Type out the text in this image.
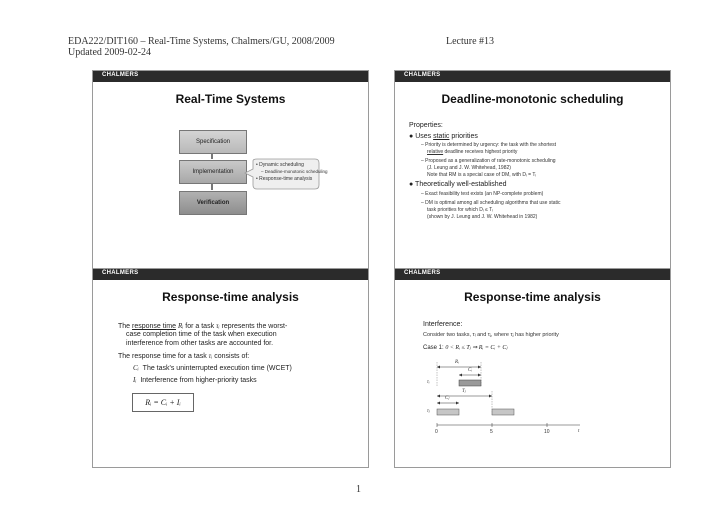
EDA222/DIT160 – Real-Time Systems, Chalmers/GU, 2008/2009
Updated 2009-02-24
Lecture #13
CHALMERS
Real-Time Systems
Specification
Implementation
Verification
• Dynamic scheduling
– Deadline-monotonic scheduling
• Response-time analysis
CHALMERS
Deadline-monotonic scheduling
Properties:
● Uses static priorities
– Priority is determined by urgency: the task with the shortest
relative deadline receives highest priority
– Proposed as a generalization of rate-monotonic scheduling
(J. Leung and J. W. Whitehead, 1982)
Note that RM is a special case of DM, with Dᵢ = Tᵢ
● Theoretically well-established
– Exact feasibility test exists (an NP-complete problem)
– DM is optimal among all scheduling algorithms that use static
task priorities for which Dᵢ ≤ Tᵢ
(shown by J. Leung and J. W. Whitehead in 1982)
CHALMERS
Response-time analysis
The response time Rᵢ for a task τᵢ represents the worst-
case completion time of the task when execution
interference from other tasks are accounted for.
The response time for a task τᵢ consists of:
Cᵢ The task's uninterrupted execution time (WCET)
Iᵢ Interference from higher-priority tasks
Rᵢ = Cᵢ + Iᵢ
CHALMERS
Response-time analysis
Interference:
Consider two tasks, τᵢ and τⱼ, where τⱼ has higher priority
Case 1: 0 < Rᵢ ≤ Tⱼ ⇒ Rᵢ = Cᵢ + Cⱼ
Rᵢ
Cᵢ
τᵢ
Tⱼ
Cⱼ
τⱼ
0	5	10	t
1
